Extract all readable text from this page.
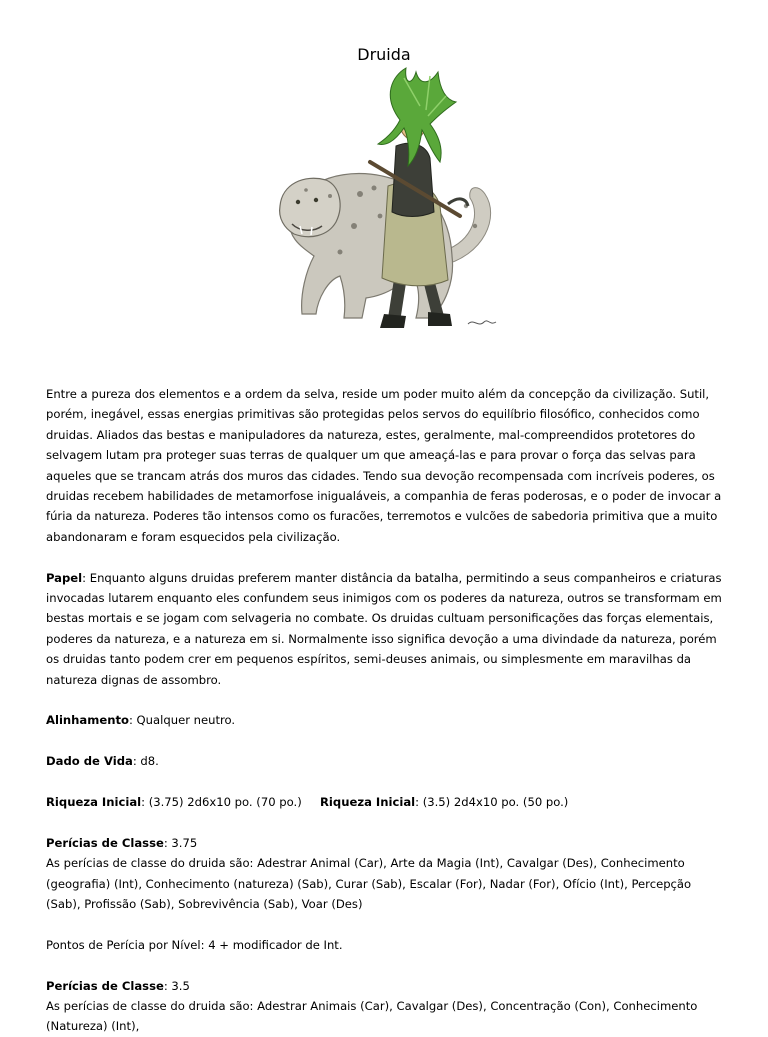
Druida

Entre a pureza dos elementos e a ordem da selva, reside um poder muito além da concepção da civilização. Sutil, porém, inegável, essas energias primitivas são protegidas pelos servos do equilíbrio filosófico, conhecidos como druidas. Aliados das bestas e manipuladores da natureza, estes, geralmente, mal-compreendidos protetores do selvagem lutam pra proteger suas terras de qualquer um que ameaçá-las e para provar o força das selvas para aqueles que se trancam atrás dos muros das cidades. Tendo sua devoção recompensada com incríveis poderes, os druidas recebem habilidades de metamorfose inigualáveis, a companhia de feras poderosas, e o poder de invocar a fúria da natureza. Poderes tão intensos como os furacões, terremotos e vulcões de sabedoria primitiva que a muito abandonaram e foram esquecidos pela civilização.

Papel: Enquanto alguns druidas preferem manter distância da batalha, permitindo a seus companheiros e criaturas invocadas lutarem enquanto eles confundem seus inimigos com os poderes da natureza, outros se transformam em bestas mortais e se jogam com selvageria no combate. Os druidas cultuam personificações das forças elementais, poderes da natureza, e a natureza em si. Normalmente isso significa devoção a uma divindade da natureza, porém os druidas tanto podem crer em pequenos espíritos, semi-deuses animais, ou simplesmente em maravilhas da natureza dignas de assombro.

Alinhamento: Qualquer neutro.

Dado de Vida: d8.

Riqueza Inicial: (3.75) 2d6x10 po. (70 po.) Riqueza Inicial: (3.5) 2d4x10 po. (50 po.)

Perícias de Classe: 3.75

As perícias de classe do druida são: Adestrar Animal (Car), Arte da Magia (Int), Cavalgar (Des), Conhecimento (geografia) (Int), Conhecimento (natureza) (Sab), Curar (Sab), Escalar (For), Nadar (For), Ofício (Int), Percepção (Sab), Profissão (Sab), Sobrevivência (Sab), Voar (Des)

Pontos de Perícia por Nível: 4 + modificador de Int.

Perícias de Classe: 3.5

As perícias de classe do druida são: Adestrar Animais (Car), Cavalgar (Des), Concentração (Con), Conhecimento (Natureza) (Int),
